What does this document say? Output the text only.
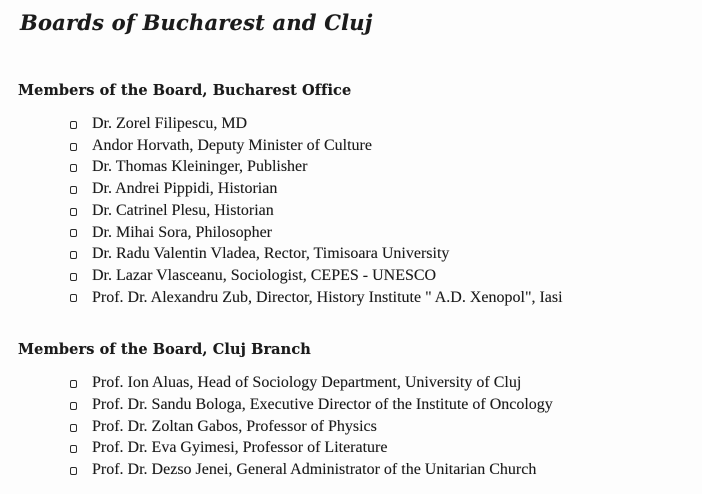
Boards of Bucharest and Cluj
Members of the Board, Bucharest Office
Dr. Zorel Filipescu, MD
Andor Horvath, Deputy Minister of Culture
Dr. Thomas Kleininger, Publisher
Dr. Andrei Pippidi, Historian
Dr. Catrinel Plesu, Historian
Dr. Mihai Sora, Philosopher
Dr. Radu Valentin Vladea, Rector, Timisoara University
Dr. Lazar Vlasceanu, Sociologist, CEPES - UNESCO
Prof. Dr. Alexandru Zub, Director, History Institute " A.D. Xenopol", Iasi
Members of the Board, Cluj Branch
Prof. Ion Aluas, Head of Sociology Department, University of Cluj
Prof. Dr. Sandu Bologa, Executive Director of the Institute of Oncology
Prof. Dr. Zoltan Gabos, Professor of Physics
Prof. Dr. Eva Gyimesi, Professor of Literature
Prof. Dr. Dezso Jenei, General Administrator of the Unitarian Church
